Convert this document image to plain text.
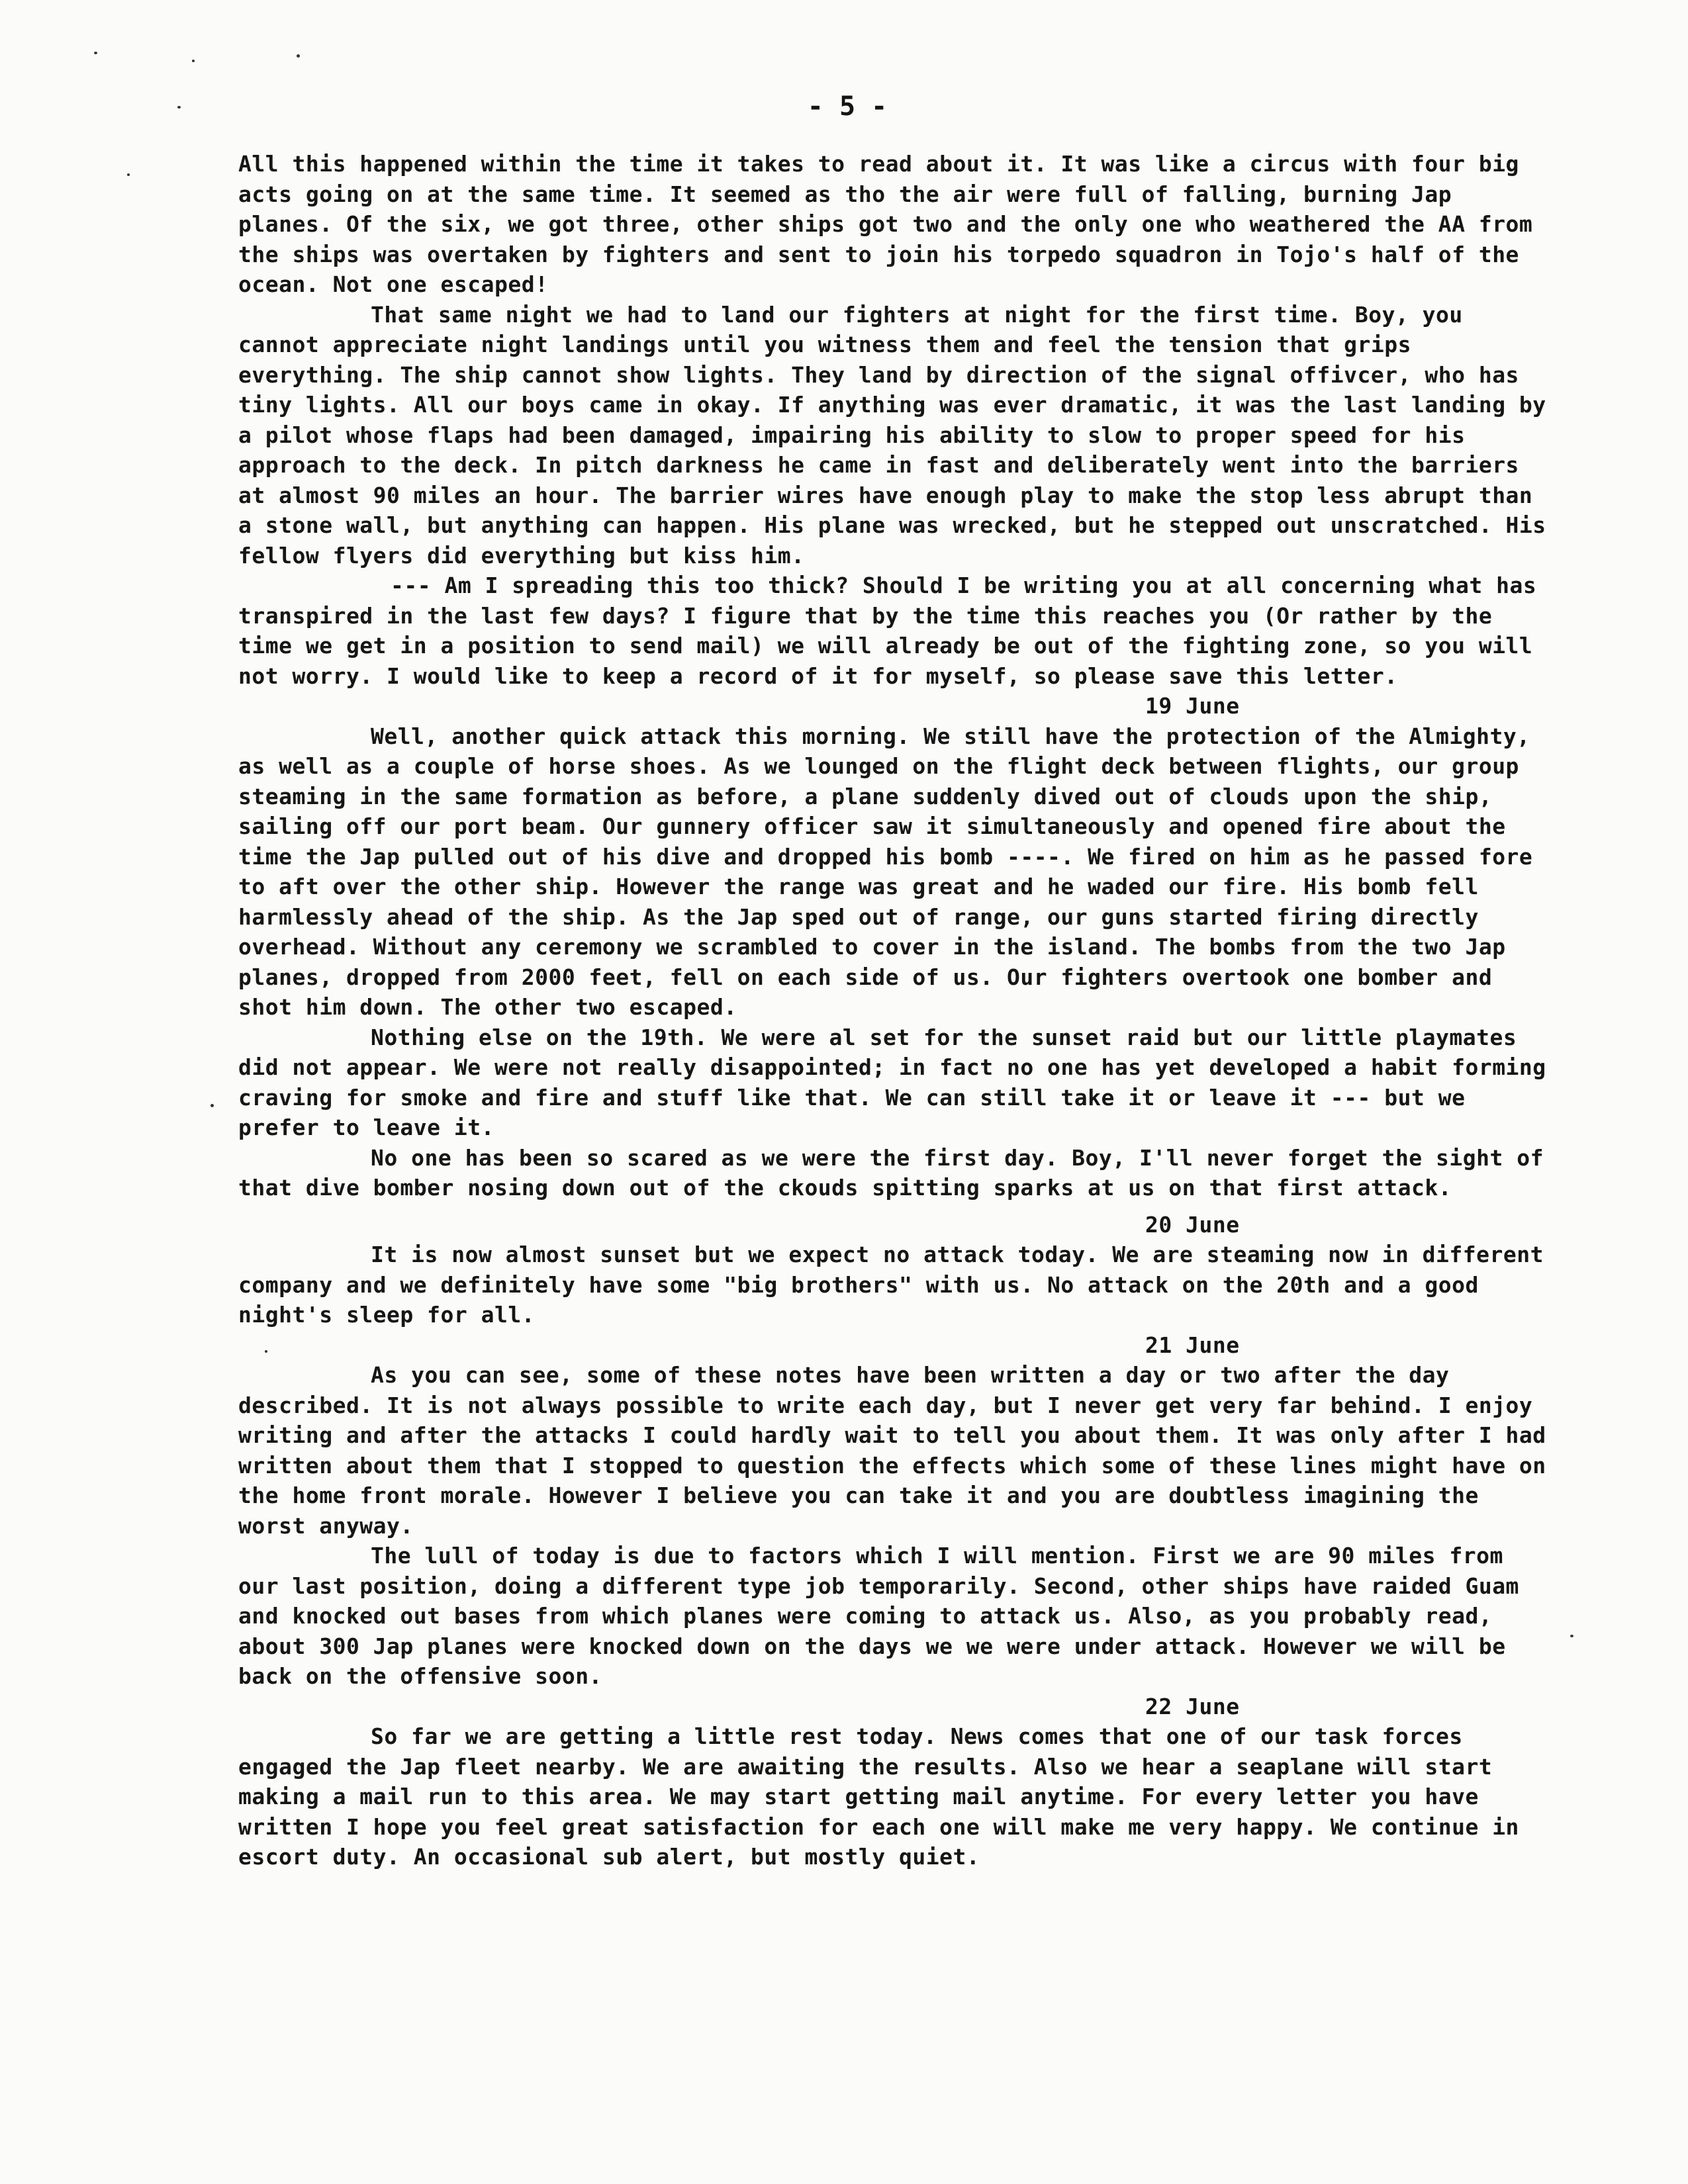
- 5 -

All this happened within the time it takes to read about it. It was like a circus with four big acts going on at the same time. It seemed as tho the air were full of falling, burning Jap planes. Of the six, we got three, other ships got two and the only one who weathered the AA from the ships was overtaken by fighters and sent to join his torpedo squadron in Tojo's half of the ocean. Not one escaped!

That same night we had to land our fighters at night for the first time. Boy, you cannot appreciate night landings until you witness them and feel the tension that grips everything. The ship cannot show lights. They land by direction of the signal offivcer, who has tiny lights. All our boys came in okay. If anything was ever dramatic, it was the last landing by a pilot whose flaps had been damaged, impairing his ability to slow to proper speed for his approach to the deck. In pitch darkness he came in fast and deliberately went into the barriers at almost 90 miles an hour. The barrier wires have enough play to make the stop less abrupt than a stone wall, but anything can happen. His plane was wrecked, but he stepped out unscratched. His fellow flyers did everything but kiss him.

--- Am I spreading this too thick? Should I be writing you at all concerning what has transpired in the last few days? I figure that by the time this reaches you (Or rather by the time we get in a position to send mail) we will already be out of the fighting zone, so you will not worry. I would like to keep a record of it for myself, so please save this letter.

19 June

Well, another quick attack this morning. We still have the protection of the Almighty, as well as a couple of horse shoes. As we lounged on the flight deck between flights, our group steaming in the same formation as before, a plane suddenly dived out of clouds upon the ship, sailing off our port beam. Our gunnery officer saw it simultaneously and opened fire about the time the Jap pulled out of his dive and dropped his bomb ----. We fired on him as he passed fore to aft over the other ship. However the range was great and he waded our fire. His bomb fell harmlessly ahead of the ship. As the Jap sped out of range, our guns started firing directly overhead. Without any ceremony we scrambled to cover in the island. The bombs from the two Jap planes, dropped from 2000 feet, fell on each side of us. Our fighters overtook one bomber and shot him down. The other two escaped.

Nothing else on the 19th. We were al set for the sunset raid but our little playmates did not appear. We were not really disappointed; in fact no one has yet developed a habit forming craving for smoke and fire and stuff like that. We can still take it or leave it --- but we prefer to leave it.

No one has been so scared as we were the first day. Boy, I'll never forget the sight of that dive bomber nosing down out of the ckouds spitting sparks at us on that first attack.

20 June

It is now almost sunset but we expect no attack today. We are steaming now in different company and we definitely have some "big brothers" with us. No attack on the 20th and a good night's sleep for all.

21 June

As you can see, some of these notes have been written a day or two after the day described. It is not always possible to write each day, but I never get very far behind. I enjoy writing and after the attacks I could hardly wait to tell you about them. It was only after I had written about them that I stopped to question the effects which some of these lines might have on the home front morale. However I believe you can take it and you are doubtless imagining the worst anyway.

The lull of today is due to factors which I will mention. First we are 90 miles from our last position, doing a different type job temporarily. Second, other ships have raided Guam and knocked out bases from which planes were coming to attack us. Also, as you probably read, about 300 Jap planes were knocked down on the days we we were under attack. However we will be back on the offensive soon.

22 June

So far we are getting a little rest today. News comes that one of our task forces engaged the Jap fleet nearby. We are awaiting the results. Also we hear a seaplane will start making a mail run to this area. We may start getting mail anytime. For every letter you have written I hope you feel great satisfaction for each one will make me very happy. We continue in escort duty. An occasional sub alert, but mostly quiet.
